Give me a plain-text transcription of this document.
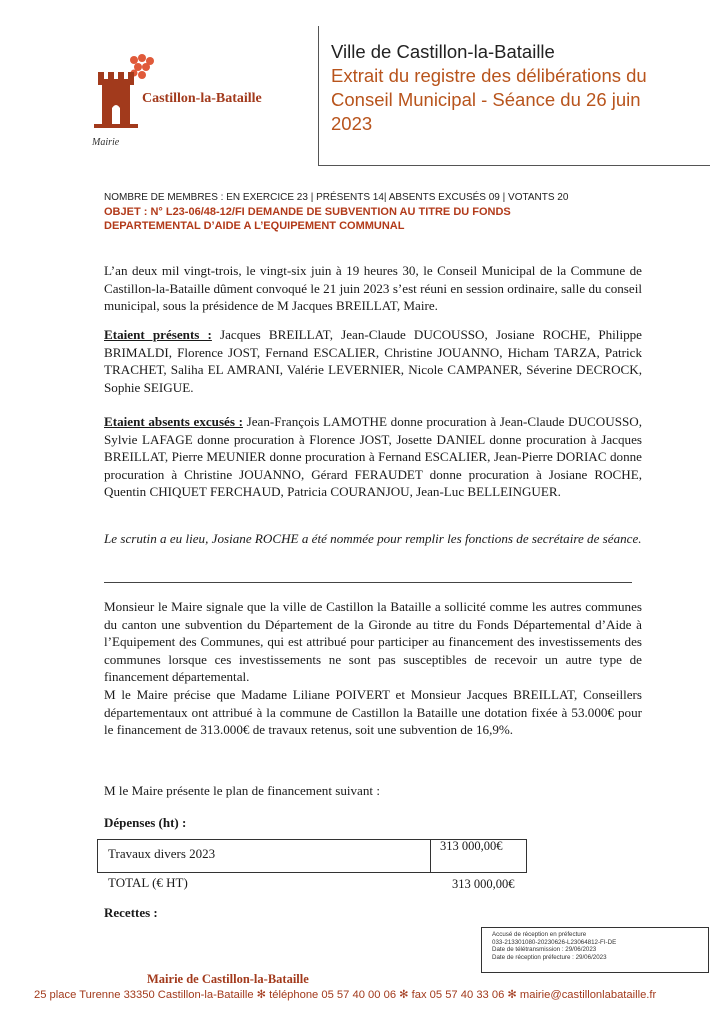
Castillon-la-Bataille
Mairie
Ville de Castillon-la-Bataille
Extrait du registre des délibérations du
Conseil Municipal - Séance du 26 juin
2023
NOMBRE DE MEMBRES : EN EXERCICE 23 | PRÉSENTS 14| ABSENTS EXCUSÉS 09 | VOTANTS 20
OBJET : N° L23-06/48-12/FI DEMANDE DE SUBVENTION AU TITRE DU FONDS
DEPARTEMENTAL D’AIDE A L’EQUIPEMENT COMMUNAL
L’an deux mil vingt-trois, le vingt-six juin à 19 heures 30, le Conseil Municipal de la Commune de Castillon-la-Bataille dûment convoqué le 21 juin 2023 s’est réuni en session ordinaire, salle du conseil municipal, sous la présidence de M Jacques BREILLAT, Maire.
Etaient présents : Jacques BREILLAT, Jean-Claude DUCOUSSO, Josiane ROCHE, Philippe BRIMALDI, Florence JOST, Fernand ESCALIER, Christine JOUANNO, Hicham TARZA, Patrick TRACHET, Saliha EL AMRANI, Valérie LEVERNIER, Nicole CAMPANER, Séverine DECROCK, Sophie SEIGUE.
Etaient absents excusés : Jean-François LAMOTHE donne procuration à Jean-Claude DUCOUSSO, Sylvie LAFAGE donne procuration à Florence JOST, Josette DANIEL donne procuration à Jacques BREILLAT, Pierre MEUNIER donne procuration à Fernand ESCALIER, Jean-Pierre DORIAC donne procuration à Christine JOUANNO, Gérard FERAUDET donne procuration à Josiane ROCHE, Quentin CHIQUET FERCHAUD, Patricia COURANJOU, Jean-Luc BELLEINGUER.
Le scrutin a eu lieu, Josiane ROCHE a été nommée pour remplir les fonctions de secrétaire de séance.
Monsieur le Maire signale que la ville de Castillon la Bataille a sollicité comme les autres communes du canton une subvention du Département de la Gironde au titre du Fonds Départemental d’Aide à l’Equipement des Communes, qui est attribué pour participer au financement des investissements des communes lorsque ces investissements ne sont pas susceptibles de recevoir un autre type de financement départemental.
M le Maire précise que Madame Liliane POIVERT et Monsieur Jacques BREILLAT, Conseillers départementaux ont attribué à la commune de Castillon la Bataille une dotation fixée à 53.000€ pour le financement de 313.000€ de travaux retenus, soit une subvention de 16,9%.
M le Maire présente le plan de financement suivant :
Dépenses (ht) :
Travaux divers 2023	313 000,00€
TOTAL (€ HT)	313 000,00€
Recettes :
Accusé de réception en préfecture
033-213301080-20230626-L23064812-FI-DE
Date de télétransmission : 29/06/2023
Date de réception préfecture : 29/06/2023
Mairie de Castillon-la-Bataille
25 place Turenne 33350 Castillon-la-Bataille ✻ téléphone 05 57 40 00 06 ✻ fax 05 57 40 33 06 ✻ mairie@castillonlabataille.fr
